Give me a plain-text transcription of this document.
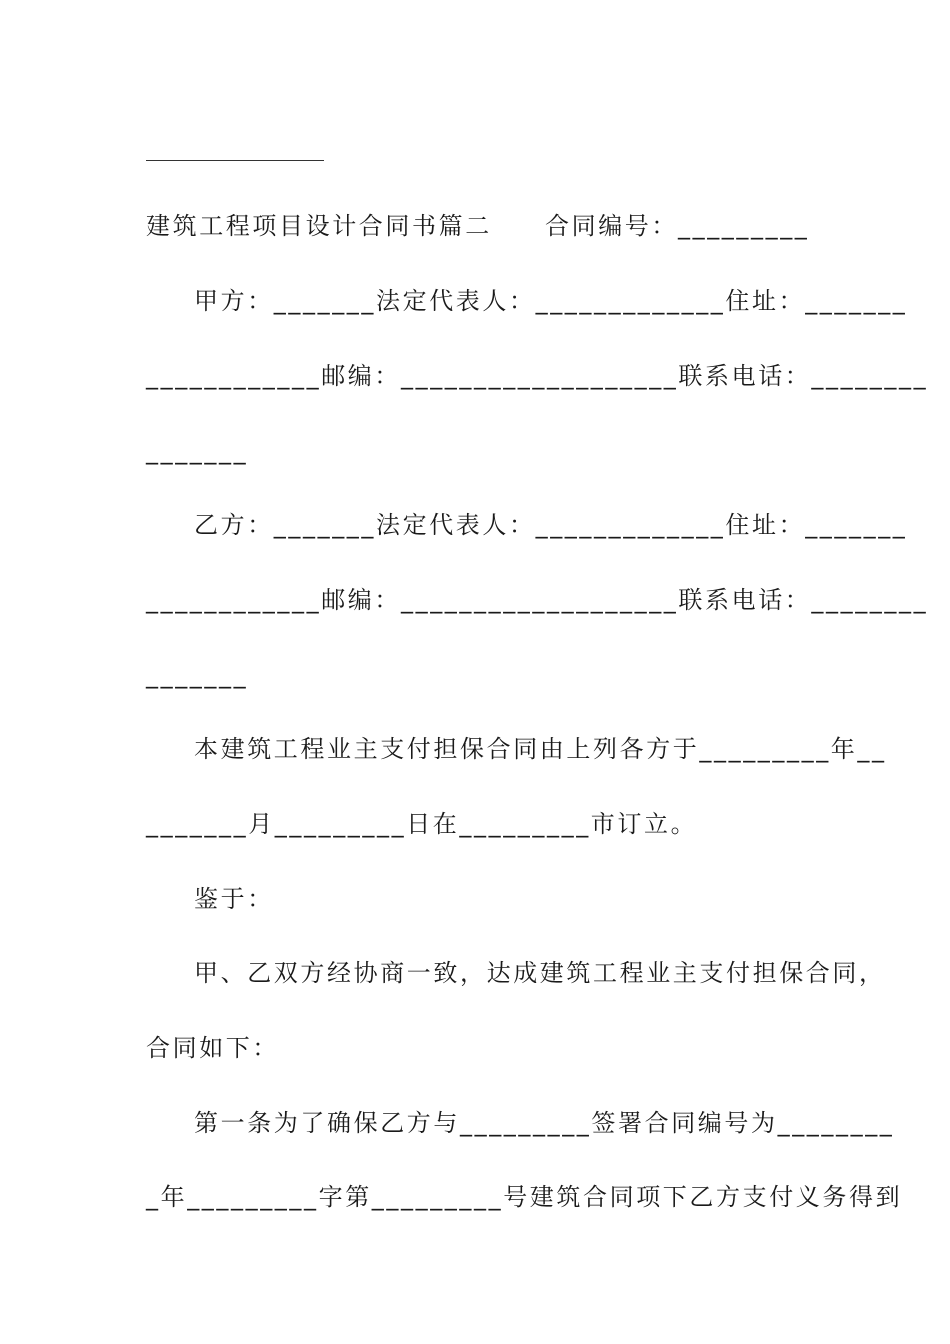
建筑工程项目设计合同书篇二　　合同编号：_________
甲方：_______法定代表人：_____________住址：_______
____________邮编：___________________联系电话：________
_______
乙方：_______法定代表人：_____________住址：_______
____________邮编：___________________联系电话：________
_______
本建筑工程业主支付担保合同由上列各方于_________年__
_______月_________日在_________市订立。
鉴于：
甲、乙双方经协商一致，达成建筑工程业主支付担保合同，
合同如下：
第一条为了确保乙方与_________签署合同编号为________
_年_________字第_________号建筑合同项下乙方支付义务得到
